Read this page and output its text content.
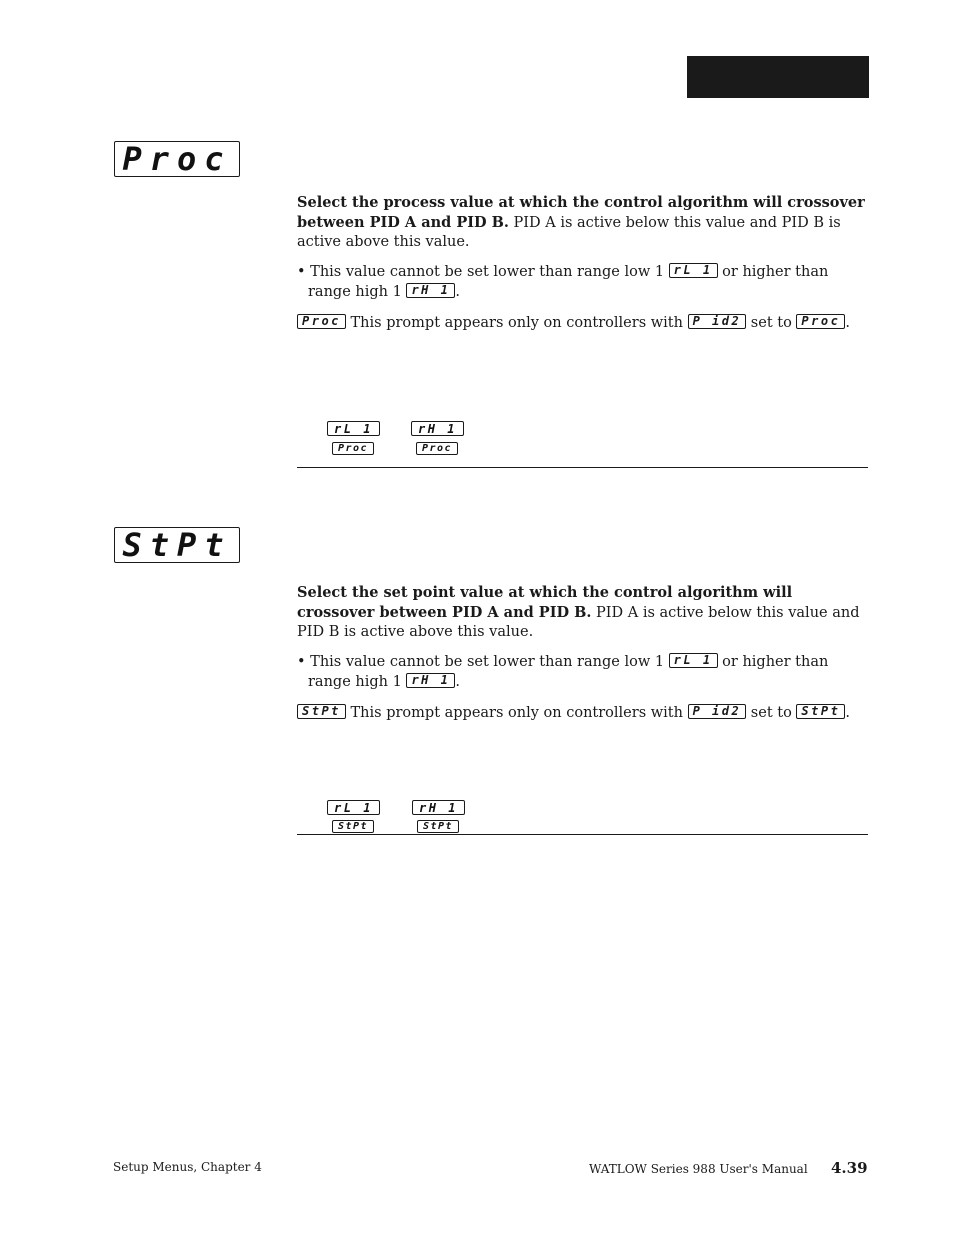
Proc
Select the process value at which the control algorithm will crossover between PID A and PID B. PID A is active below this value and PID B is active above this value.
• This value cannot be set lower than range low 1 rL 1 or higher than
range high 1 rH 1 .
Proc This prompt appears only on controllers with P id2 set to Proc .
rL 1
Proc
rH 1
Proc
StPt
Select the set point value at which the control algorithm will crossover between PID A and PID B. PID A is active below this value and PID B is active above this value.
• This value cannot be set lower than range low 1 rL 1 or higher than
range high 1 rH 1 .
StPt This prompt appears only on controllers with P id2 set to StPt .
rL 1
StPt
rH 1
StPt
Setup Menus, Chapter 4	WATLOW Series 988 User's Manual 4.39
